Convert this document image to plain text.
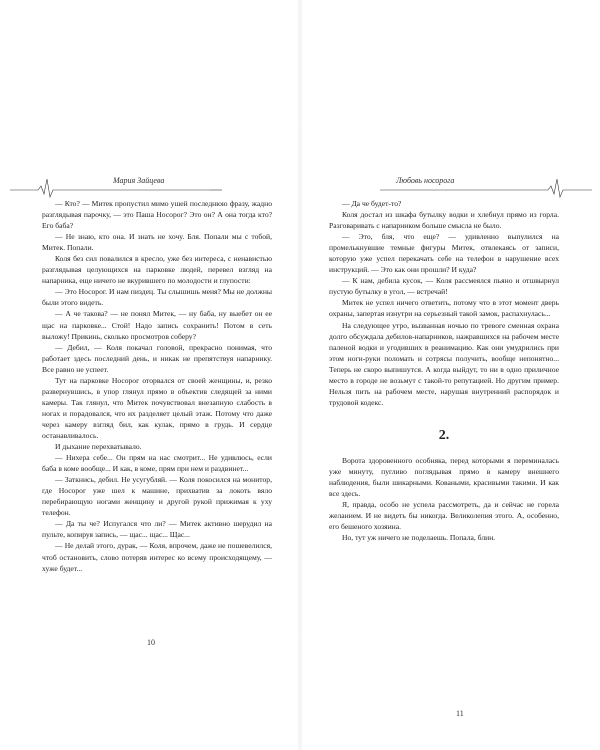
Мария Зайцева

— Кто? — Митек пропустил мимо ушей последнюю фразу, жадно разглядывая парочку, — это Паша Носорог? Это он? А она тогда кто? Его баба?

— Не знаю, кто она. И знать не хочу. Бля. Попали мы с тобой, Митек. Попали.

Коля без сил повалился в кресло, уже без интереса, с ненавистью разглядывая целующихся на парковке людей, перевел взгляд на напарника, еще ничего не вкурившего по молодости и глупости:

— Это Носорог. И нам пиздец. Ты слышишь меня? Мы не должны были этого видеть.

— А че такова? — не понял Митек, — ну баба, ну выебет он ее щас на парковке... Стой! Надо запись сохранить! Потом в сеть выложу! Прикинь, сколько просмотров соберу?

— Дебил, — Коля покачал головой, прекрасно понимая, что работает здесь последний день, и никак не препятствуя напарнику. Все равно не успеет.

Тут на парковке Носорог оторвался от своей женщины, и, резко развернувшись, в упор глянул прямо в объектив следящей за ними камеры. Так глянул, что Митек почувствовал внезапную слабость в ногах и порадовался, что их разделяет целый этаж. Потому что даже через камеру взгляд бил, как кулак, прямо в грудь. И сердце останавливалось.

И дыхание перехватывало.

— Нихера себе... Он прям на нас смотрит... Не удивлюсь, если баба в коме вообще... И как, в коме, прям при нем и раздвинет...

— Заткнись, дебил. Не усугубляй. — Коля покосился на монитор, где Носорог уже шел к машине, прихватив за локоть вяло перебирающую ногами женщину и другой рукой прижимая к уху телефон.

— Да ты че? Испугался что ли? — Митек активно шерудил на пульте, копируя запись, — щас... щас... Щас...

— Не делай этого, дурак, — Коля, впрочем, даже не пошевелился, чтоб остановить, слово потеряв интерес ко всему происходящему, — хуже будет...

10
Любовь носорога

— Да че будет-то?

Коля достал из шкафа бутылку водки и хлебнул прямо из горла. Разговаривать с напарником больше смысла не было.

— Это, бля, что еще? — удивленно выпулился на промелькнувшие темные фигуры Митек, отвлекаясь от записи, которую уже успел перекачать себе на телефон в нарушение всех инструкций. — Это как они прошли? И куда?

— К нам, дебила кусок, — Коля рассмеялся пьяно и отшвырнул пустую бутылку в угол, — встречай!

Митек не успел ничего ответить, потому что в этот момент дверь охраны, запертая изнутри на серьезный такой замок, распахнулась...

На следующее утро, вызванная ночью по тревоге сменная охрана долго обсуждала дебилов-напарников, нажравшихся на рабочем месте паленой водки и угодивших в реанимацию. Как они умудрились при этом ноги-руки поломать и сотрясы получить, вообще непонятно... Теперь не скоро выпишутся. А когда выйдут, то ни в одно приличное место в городе не возьмут с такой-то репутацией. Но другим пример. Нельзя пить на рабочем месте, нарушая внутренний распорядок и трудовой кодекс.

2.

Ворота здоровенного особняка, перед которыми я переминалась уже минуту, пугливо поглядывая прямо в камеру внешнего наблюдения, были шикарными. Коваными, красивыми такими. И как все здесь.

Я, правда, особо не успела рассмотреть, да и сейчас не горела желанием. И не видеть бы никогда. Великолепия этого. А, особенно, его бешеного хозяина.

Но, тут уж ничего не поделаешь. Попала, блин.

11
